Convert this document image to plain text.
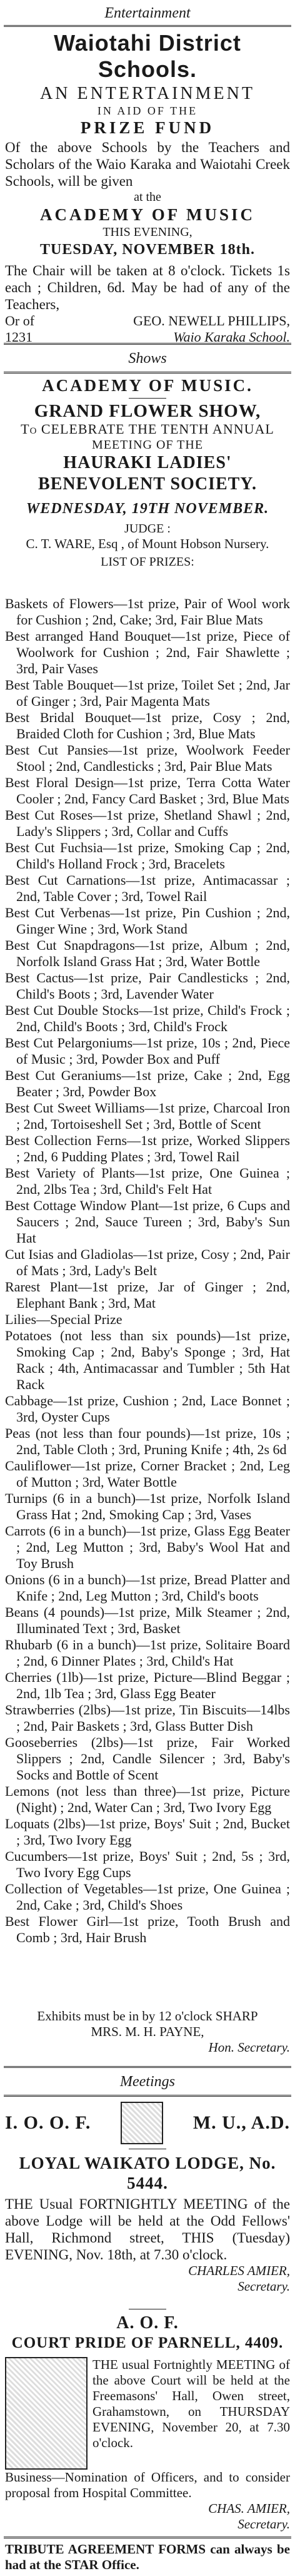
Entertainment
Waiotahi District Schools.
AN ENTERTAINMENT
IN AID OF THE
PRIZE FUND
Of the above Schools by the Teachers and Scholars of the Waio Karaka and Waiotahi Creek Schools, will be given
at the
ACADEMY OF MUSIC
THIS EVENING,
TUESDAY, NOVEMBER 18th.
The Chair will be taken at 8 o'clock. Tickets 1s each ; Children, 6d. May be had of any of the Teachers,
Or of	GEO. NEWELL PHILLIPS,
1231	Waio Karaka School.
Shows
ACADEMY OF MUSIC.
GRAND FLOWER SHOW,
To CELEBRATE THE TENTH ANNUAL
MEETING OF THE
HAURAKI LADIES' BENEVOLENT SOCIETY.
WEDNESDAY, 19TH NOVEMBER.
JUDGE :
C. T. WARE, Esq , of Mount Hobson Nursery.
LIST OF PRIZES:

Baskets of Flowers—1st prize, Pair of Wool work for Cushion ; 2nd, Cake; 3rd, Fair Blue Mats

Best arranged Hand Bouquet—1st prize, Piece of Woolwork for Cushion ; 2nd, Fair Shawlette ; 3rd, Pair Vases

Best Table Bouquet—1st prize, Toilet Set ; 2nd, Jar of Ginger ; 3rd, Pair Magenta Mats

Best Bridal Bouquet—1st prize, Cosy ; 2nd, Braided Cloth for Cushion ; 3rd, Blue Mats

Best Cut Pansies—1st prize, Woolwork Feeder Stool ; 2nd, Candlesticks ; 3rd, Pair Blue Mats

Best Floral Design—1st prize, Terra Cotta Water Cooler ; 2nd, Fancy Card Basket ; 3rd, Blue Mats

Best Cut Roses—1st prize, Shetland Shawl ; 2nd, Lady's Slippers ; 3rd, Collar and Cuffs

Best Cut Fuchsia—1st prize, Smoking Cap ; 2nd, Child's Holland Frock ; 3rd, Bracelets

Best Cut Carnations—1st prize, Antimacassar ; 2nd, Table Cover ; 3rd, Towel Rail

Best Cut Verbenas—1st prize, Pin Cushion ; 2nd, Ginger Wine ; 3rd, Work Stand

Best Cut Snapdragons—1st prize, Album ; 2nd, Norfolk Island Grass Hat ; 3rd, Water Bottle

Best Cactus—1st prize, Pair Candlesticks ; 2nd, Child's Boots ; 3rd, Lavender Water

Best Cut Double Stocks—1st prize, Child's Frock ; 2nd, Child's Boots ; 3rd, Child's Frock

Best Cut Pelargoniums—1st prize, 10s ; 2nd, Piece of Music ; 3rd, Powder Box and Puff

Best Cut Geraniums—1st prize, Cake ; 2nd, Egg Beater ; 3rd, Powder Box

Best Cut Sweet Williams—1st prize, Charcoal Iron ; 2nd, Tortoiseshell Set ; 3rd, Bottle of Scent

Best Collection Ferns—1st prize, Worked Slippers ; 2nd, 6 Pudding Plates ; 3rd, Towel Rail

Best Variety of Plants—1st prize, One Guinea ; 2nd, 2lbs Tea ; 3rd, Child's Felt Hat

Best Cottage Window Plant—1st prize, 6 Cups and Saucers ; 2nd, Sauce Tureen ; 3rd, Baby's Sun Hat

Cut Isias and Gladiolas—1st prize, Cosy ; 2nd, Pair of Mats ; 3rd, Lady's Belt

Rarest Plant—1st prize, Jar of Ginger ; 2nd, Elephant Bank ; 3rd, Mat

Lilies—Special Prize

Potatoes (not less than six pounds)—1st prize, Smoking Cap ; 2nd, Baby's Sponge ; 3rd, Hat Rack ; 4th, Antimacassar and Tumbler ; 5th Hat Rack

Cabbage—1st prize, Cushion ; 2nd, Lace Bonnet ; 3rd, Oyster Cups

Peas (not less than four pounds)—1st prize, 10s ; 2nd, Table Cloth ; 3rd, Pruning Knife ; 4th, 2s 6d

Cauliflower—1st prize, Corner Bracket ; 2nd, Leg of Mutton ; 3rd, Water Bottle

Turnips (6 in a bunch)—1st prize, Norfolk Island Grass Hat ; 2nd, Smoking Cap ; 3rd, Vases

Carrots (6 in a bunch)—1st prize, Glass Egg Beater ; 2nd, Leg Mutton ; 3rd, Baby's Wool Hat and Toy Brush

Onions (6 in a bunch)—1st prize, Bread Platter and Knife ; 2nd, Leg Mutton ; 3rd, Child's boots

Beans (4 pounds)—1st prize, Milk Steamer ; 2nd, Illuminated Text ; 3rd, Basket

Rhubarb (6 in a bunch)—1st prize, Solitaire Board ; 2nd, 6 Dinner Plates ; 3rd, Child's Hat

Cherries (1lb)—1st prize, Picture—Blind Beggar ; 2nd, 1lb Tea ; 3rd, Glass Egg Beater

Strawberries (2lbs)—1st prize, Tin Biscuits—14lbs ; 2nd, Pair Baskets ; 3rd, Glass Butter Dish

Gooseberries (2lbs)—1st prize, Fair Worked Slippers ; 2nd, Candle Silencer ; 3rd, Baby's Socks and Bottle of Scent

Lemons (not less than three)—1st prize, Picture (Night) ; 2nd, Water Can ; 3rd, Two Ivory Egg

Loquats (2lbs)—1st prize, Boys' Suit ; 2nd, Bucket ; 3rd, Two Ivory Egg

Cucumbers—1st prize, Boys' Suit ; 2nd, 5s ; 3rd, Two Ivory Egg Cups

Collection of Vegetables—1st prize, One Guinea ; 2nd, Cake ; 3rd, Child's Shoes

Best Flower Girl—1st prize, Tooth Brush and Comb ; 3rd, Hair Brush

Exhibits must be in by 12 o'clock SHARP
MRS. M. H. PAYNE,
Hon. Secretary.
Meetings
I. O. O. F.	M. U., A.D.
LOYAL WAIKATO LODGE, No. 5444.
THE Usual FORTNIGHTLY MEETING of the above Lodge will be held at the Odd Fellows' Hall, Richmond street, THIS (Tuesday) EVENING, Nov. 18th, at 7.30 o'clock.
CHARLES AMIER,
Secretary.
A. O. F.
COURT PRIDE OF PARNELL, 4409.
THE usual Fortnightly MEETING of the above Court will be held at the Freemasons' Hall, Owen street, Grahamstown, on THURSDAY EVENING, November 20, at 7.30 o'clock.
Business—Nomination of Officers, and to consider proposal from Hospital Committee.
CHAS. AMIER,
Secretary.
TRIBUTE AGREEMENT FORMS can always be had at the STAR Office.
